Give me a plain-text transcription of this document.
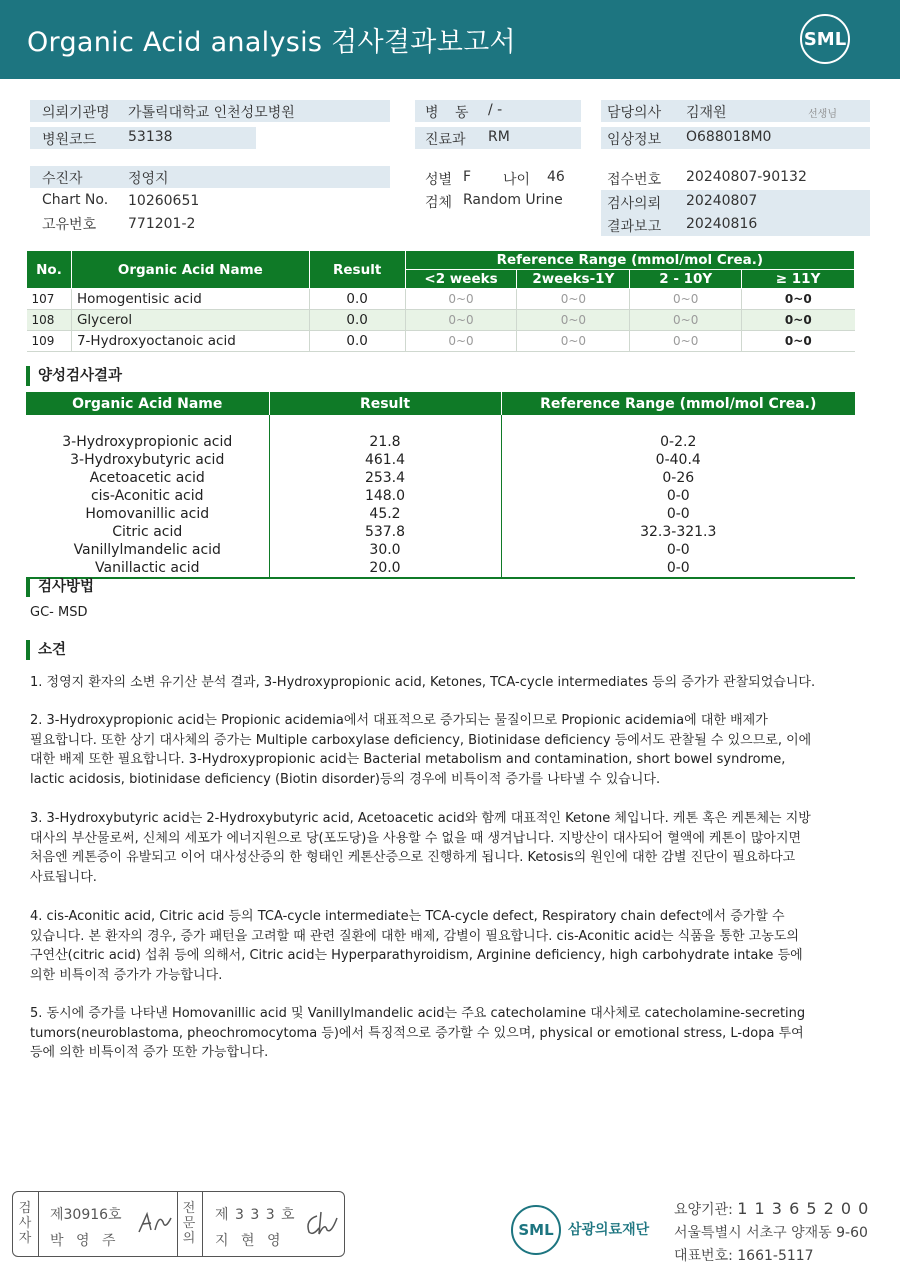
Organic Acid analysis 검사결과보고서	SML
의뢰기관명 가톨릭대학교 인천성모병원
병원코드 53138
병 동 / -
진료과 RM
담당의사 김재원	선생님
임상정보 O688018M0
수진자	정영지
Chart No. 10260651
고유번호 771201-2
성별 F 나이 46
검체 Random Urine
접수번호 20240807-90132
검사의뢰 20240807
결과보고 20240816
No.	Organic Acid Name	Result	Reference Range (mmol/mol Crea.)			
			<2 weeks	2weeks-1Y	2 - 10Y	≥ 11Y
107	Homogentisic acid	0.0	0~0	0~0	0~0	0~0
108	Glycerol	0.0	0~0	0~0	0~0	0~0
109	7-Hydroxyoctanoic acid	0.0	0~0	0~0	0~0	0~0
양성검사결과
Organic Acid Name	Result	Reference Range (mmol/mol Crea.)

3-Hydroxypropionic acid	21.8	0-2.2
3-Hydroxybutyric acid	461.4	0-40.4
Acetoacetic acid	253.4	0-26
cis-Aconitic acid	148.0	0-0
Homovanillic acid	45.2	0-0
Citric acid	537.8	32.3-321.3
Vanillylmandelic acid	30.0	0-0
Vanillactic acid	20.0	0-0
검사방법
GC- MSD
소견
1. 정영지 환자의 소변 유기산 분석 결과, 3-Hydroxypropionic acid, Ketones, TCA-cycle intermediates 등의 증가가 관찰되었습니다.
2. 3-Hydroxypropionic acid는 Propionic acidemia에서 대표적으로 증가되는 물질이므로 Propionic acidemia에 대한 배제가
필요합니다. 또한 상기 대사체의 증가는 Multiple carboxylase deficiency, Biotinidase deficiency 등에서도 관찰될 수 있으므로, 이에
대한 배제 또한 필요합니다. 3-Hydroxypropionic acid는 Bacterial metabolism and contamination, short bowel syndrome,
lactic acidosis, biotinidase deficiency (Biotin disorder)등의 경우에 비특이적 증가를 나타낼 수 있습니다.
3. 3-Hydroxybutyric acid는 2-Hydroxybutyric acid, Acetoacetic acid와 함께 대표적인 Ketone 체입니다. 케톤 혹은 케톤체는 지방
대사의 부산물로써, 신체의 세포가 에너지원으로 당(포도당)을 사용할 수 없을 때 생겨납니다. 지방산이 대사되어 혈액에 케톤이 많아지면
처음엔 케톤증이 유발되고 이어 대사성산증의 한 형태인 케톤산증으로 진행하게 됩니다. Ketosis의 원인에 대한 감별 진단이 필요하다고
사료됩니다.
4. cis-Aconitic acid, Citric acid 등의 TCA-cycle intermediate는 TCA-cycle defect, Respiratory chain defect에서 증가할 수
있습니다. 본 환자의 경우, 증가 패턴을 고려할 때 관련 질환에 대한 배제, 감별이 필요합니다. cis-Aconitic acid는 식품을 통한 고농도의
구연산(citric acid) 섭취 등에 의해서, Citric acid는 Hyperparathyroidism, Arginine deficiency, high carbohydrate intake 등에
의한 비특이적 증가가 가능합니다.
5. 동시에 증가를 나타낸 Homovanillic acid 및 Vanillylmandelic acid는 주요 catecholamine 대사체로 catecholamine-secreting
tumors(neuroblastoma, pheochromocytoma 등)에서 특징적으로 증가할 수 있으며, physical or emotional stress, L-dopa 투여
등에 의한 비특이적 증가 또한 가능합니다.
검사자
제30916호
박 영 주
전문의
제 3 3 3 호
지 현 영
SML	삼광의료재단
요양기관: 1 1 3 6 5 2 0 0
서울특별시 서초구 양재동 9-60
대표번호: 1661-5117
